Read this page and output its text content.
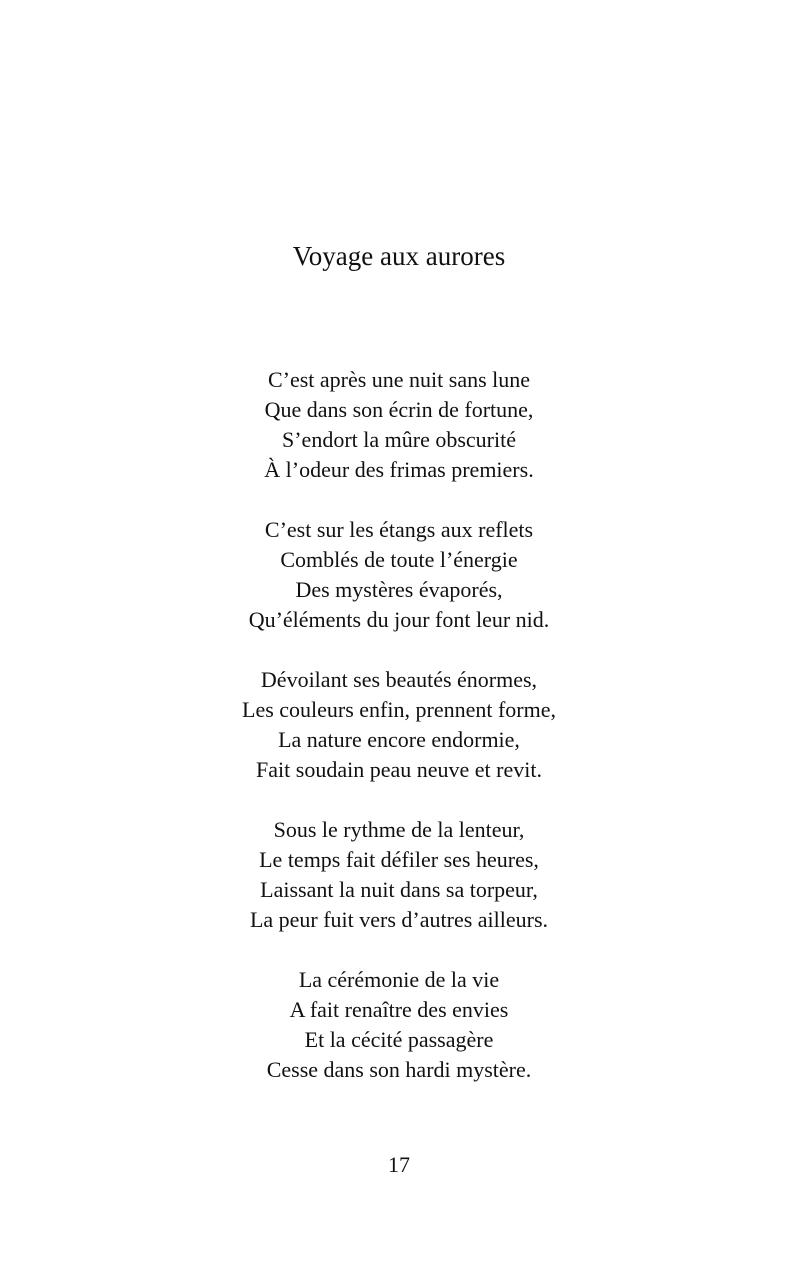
Voyage aux aurores
C’est après une nuit sans lune
Que dans son écrin de fortune,
S’endort la mûre obscurité
À l’odeur des frimas premiers.
C’est sur les étangs aux reflets
Comblés de toute l’énergie
Des mystères évaporés,
Qu’éléments du jour font leur nid.
Dévoilant ses beautés énormes,
Les couleurs enfin, prennent forme,
La nature encore endormie,
Fait soudain peau neuve et revit.
Sous le rythme de la lenteur,
Le temps fait défiler ses heures,
Laissant la nuit dans sa torpeur,
La peur fuit vers d’autres ailleurs.
La cérémonie de la vie
A fait renaître des envies
Et la cécité passagère
Cesse dans son hardi mystère.
17
